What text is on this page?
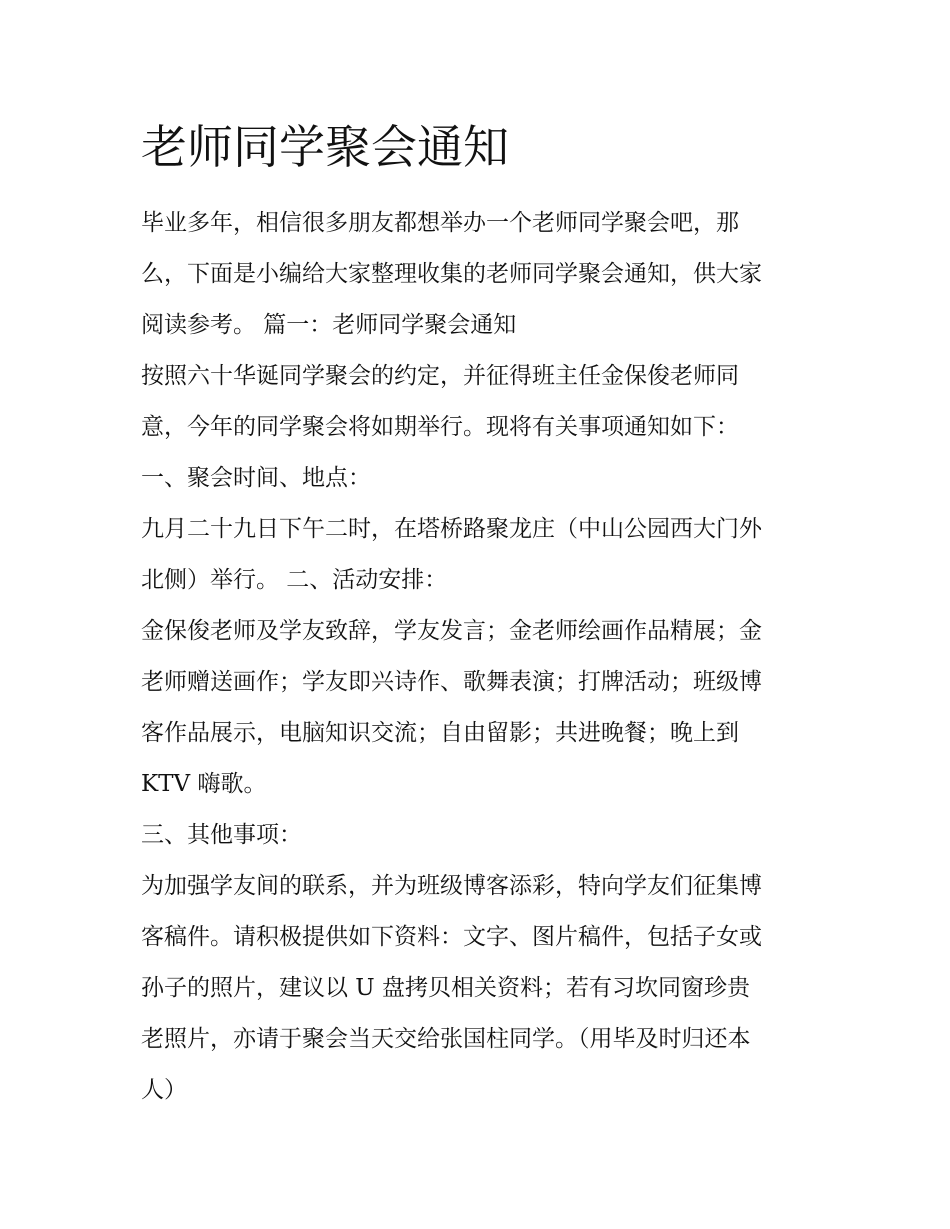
老师同学聚会通知

毕业多年，相信很多朋友都想举办一个老师同学聚会吧，那

么，下面是小编给大家整理收集的老师同学聚会通知，供大家

阅读参考。 篇一：老师同学聚会通知

按照六十华诞同学聚会的约定，并征得班主任金保俊老师同

意，今年的同学聚会将如期举行。现将有关事项通知如下：

一、聚会时间、地点：

九月二十九日下午二时，在塔桥路聚龙庄（中山公园西大门外

北侧）举行。 二、活动安排：

金保俊老师及学友致辞，学友发言；金老师绘画作品精展；金

老师赠送画作；学友即兴诗作、歌舞表演；打牌活动；班级博

客作品展示，电脑知识交流；自由留影；共进晚餐；晚上到

KTV 嗨歌。

三、其他事项：

为加强学友间的联系，并为班级博客添彩，特向学友们征集博

客稿件。请积极提供如下资料：文字、图片稿件，包括子女或

孙子的照片，建议以 U 盘拷贝相关资料；若有习坎同窗珍贵

老照片，亦请于聚会当天交给张国柱同学。（用毕及时归还本

人）
